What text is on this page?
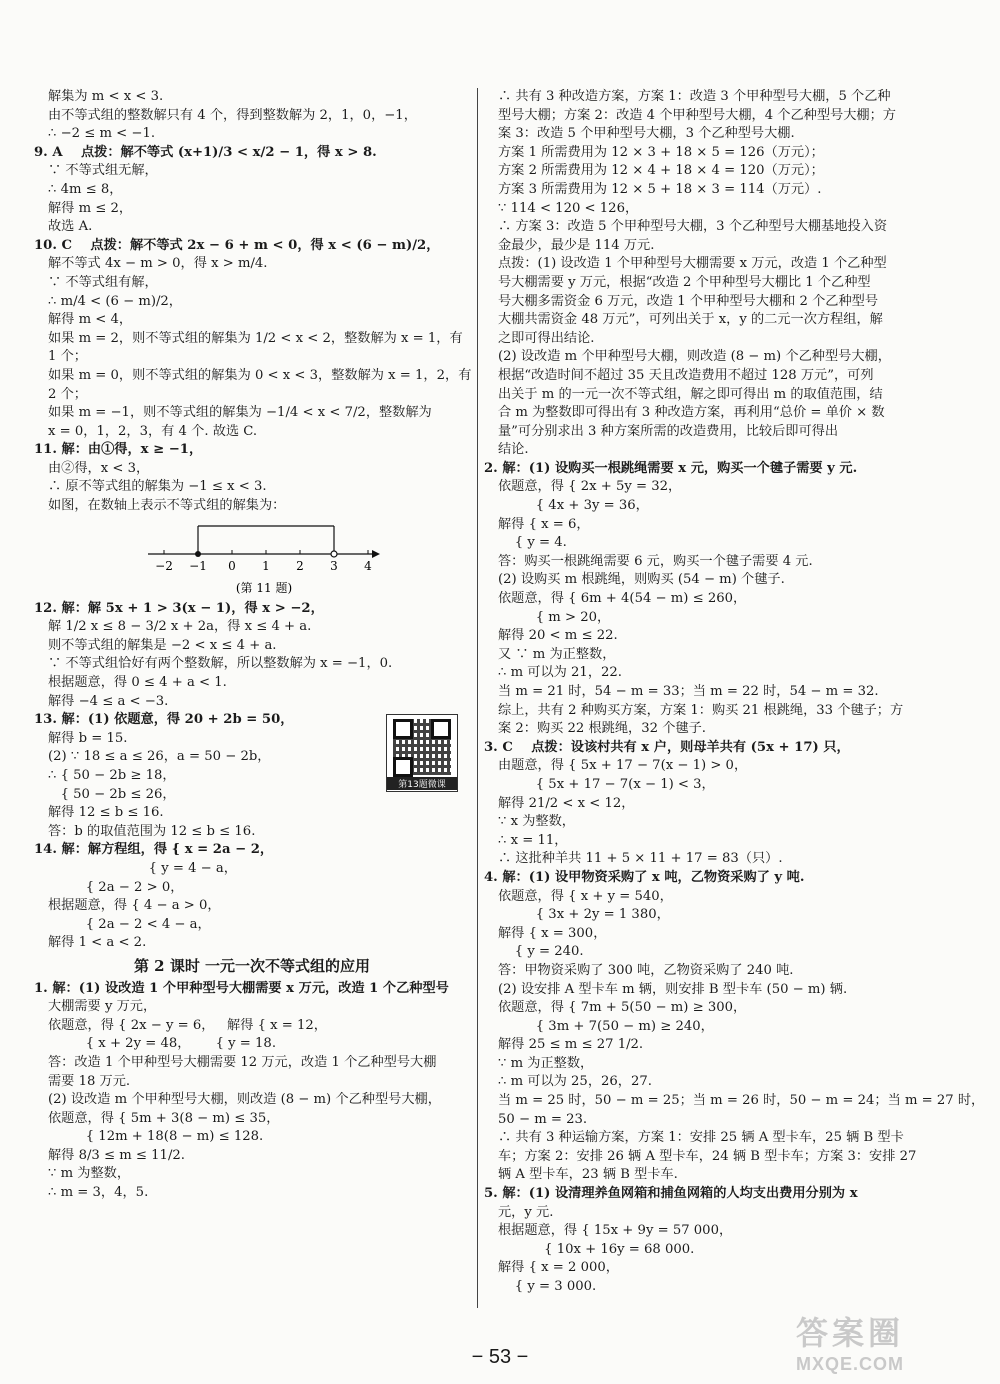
解集为 m < x < 3.
由不等式组的整数解只有 4 个，得到整数解为 2，1，0，−1，
∴ −2 ≤ m < −1.
9. A    点拨：解不等式 (x+1)/3 < x/2 − 1，得 x > 8.
∵ 不等式组无解，
∴ 4m ≤ 8，
解得 m ≤ 2，
故选 A.
10. C    点拨：解不等式 2x − 6 + m < 0，得 x < (6 − m)/2，
解不等式 4x − m > 0，得 x > m/4.
∵ 不等式组有解，
∴ m/4 < (6 − m)/2，
解得 m < 4，
如果 m = 2，则不等式组的解集为 1/2 < x < 2，整数解为 x = 1，有
1 个；
如果 m = 0，则不等式组的解集为 0 < x < 3，整数解为 x = 1，2，有
2 个；
如果 m = −1，则不等式组的解集为 −1/4 < x < 7/2，整数解为
x = 0，1，2，3，有 4 个. 故选 C.
11. 解：由①得，x ≥ −1，
由②得，x < 3，
∴ 原不等式组的解集为 −1 ≤ x < 3.
如图，在数轴上表示不等式组的解集为：
−2 −1 0 1 2 3 4
(第 11 题)
12. 解：解 5x + 1 > 3(x − 1)，得 x > −2，
解 1/2 x ≤ 8 − 3/2 x + 2a，得 x ≤ 4 + a.
则不等式组的解集是 −2 < x ≤ 4 + a.
∵ 不等式组恰好有两个整数解，所以整数解为 x = −1，0.
根据题意，得 0 ≤ 4 + a < 1.
解得 −4 ≤ a < −3.
13. 解：(1) 依题意，得 20 + 2b = 50，
解得 b = 15.
(2) ∵ 18 ≤ a ≤ 26，a = 50 − 2b，
∴ { 50 − 2b ≥ 18，
{ 50 − 2b ≤ 26，
解得 12 ≤ b ≤ 16.
答：b 的取值范围为 12 ≤ b ≤ 16.
14. 解：解方程组，得 { x = 2a − 2，
{ y = 4 − a，
{ 2a − 2 > 0，
根据题意，得 { 4 − a > 0，
{ 2a − 2 < 4 − a，
解得 1 < a < 2.
第 2 课时 一元一次不等式组的应用
1. 解：(1) 设改造 1 个甲种型号大棚需要 x 万元，改造 1 个乙种型号
大棚需要 y 万元，
依题意，得 { 2x − y = 6，   解得 { x = 12，
{ x + 2y = 48，      { y = 18.
答：改造 1 个甲种型号大棚需要 12 万元，改造 1 个乙种型号大棚
需要 18 万元.
(2) 设改造 m 个甲种型号大棚，则改造 (8 − m) 个乙种型号大棚，
依题意，得 { 5m + 3(8 − m) ≤ 35，
{ 12m + 18(8 − m) ≤ 128.
解得 8/3 ≤ m ≤ 11/2.
∵ m 为整数，
∴ m = 3，4，5.
∴ 共有 3 种改造方案，方案 1：改造 3 个甲种型号大棚，5 个乙种
型号大棚；方案 2：改造 4 个甲种型号大棚，4 个乙种型号大棚；方
案 3：改造 5 个甲种型号大棚，3 个乙种型号大棚.
方案 1 所需费用为 12 × 3 + 18 × 5 = 126（万元）；
方案 2 所需费用为 12 × 4 + 18 × 4 = 120（万元）；
方案 3 所需费用为 12 × 5 + 18 × 3 = 114（万元）.
∵ 114 < 120 < 126，
∴ 方案 3：改造 5 个甲种型号大棚，3 个乙种型号大棚基地投入资
金最少，最少是 114 万元.
点拨：(1) 设改造 1 个甲种型号大棚需要 x 万元，改造 1 个乙种型
号大棚需要 y 万元，根据“改造 2 个甲种型号大棚比 1 个乙种型
号大棚多需资金 6 万元，改造 1 个甲种型号大棚和 2 个乙种型号
大棚共需资金 48 万元”，可列出关于 x，y 的二元一次方程组，解
之即可得出结论.
(2) 设改造 m 个甲种型号大棚，则改造 (8 − m) 个乙种型号大棚，
根据“改造时间不超过 35 天且改造费用不超过 128 万元”，可列
出关于 m 的一元一次不等式组，解之即可得出 m 的取值范围，结
合 m 为整数即可得出有 3 种改造方案，再利用“总价 = 单价 × 数
量”可分别求出 3 种方案所需的改造费用，比较后即可得出
结论.
2. 解：(1) 设购买一根跳绳需要 x 元，购买一个毽子需要 y 元.
依题意，得 { 2x + 5y = 32，
{ 4x + 3y = 36，
解得 { x = 6，
{ y = 4.
答：购买一根跳绳需要 6 元，购买一个毽子需要 4 元.
(2) 设购买 m 根跳绳，则购买 (54 − m) 个毽子.
依题意，得 { 6m + 4(54 − m) ≤ 260，
{ m > 20，
解得 20 < m ≤ 22.
又 ∵ m 为正整数，
∴ m 可以为 21，22.
当 m = 21 时，54 − m = 33；当 m = 22 时，54 − m = 32.
综上，共有 2 种购买方案，方案 1：购买 21 根跳绳，33 个毽子；方
案 2：购买 22 根跳绳，32 个毽子.
3. C    点拨：设该村共有 x 户，则母羊共有 (5x + 17) 只，
由题意，得 { 5x + 17 − 7(x − 1) > 0，
{ 5x + 17 − 7(x − 1) < 3，
解得 21/2 < x < 12，
∵ x 为整数，
∴ x = 11，
∴ 这批种羊共 11 + 5 × 11 + 17 = 83（只）.
4. 解：(1) 设甲物资采购了 x 吨，乙物资采购了 y 吨.
依题意，得 { x + y = 540，
{ 3x + 2y = 1 380，
解得 { x = 300，
{ y = 240.
答：甲物资采购了 300 吨，乙物资采购了 240 吨.
(2) 设安排 A 型卡车 m 辆，则安排 B 型卡车 (50 − m) 辆.
依题意，得 { 7m + 5(50 − m) ≥ 300，
{ 3m + 7(50 − m) ≥ 240，
解得 25 ≤ m ≤ 27 1/2.
∵ m 为正整数，
∴ m 可以为 25，26，27.
当 m = 25 时，50 − m = 25；当 m = 26 时，50 − m = 24；当 m = 27 时，
50 − m = 23.
∴ 共有 3 种运输方案，方案 1：安排 25 辆 A 型卡车，25 辆 B 型卡
车；方案 2：安排 26 辆 A 型卡车，24 辆 B 型卡车；方案 3：安排 27
辆 A 型卡车，23 辆 B 型卡车.
5. 解：(1) 设清理养鱼网箱和捕鱼网箱的人均支出费用分别为 x
元，y 元.
根据题意，得 { 15x + 9y = 57 000，
{ 10x + 16y = 68 000.
解得 { x = 2 000，
{ y = 3 000.
第13题微课
− 53 −
答案圈
MXQE.COM
